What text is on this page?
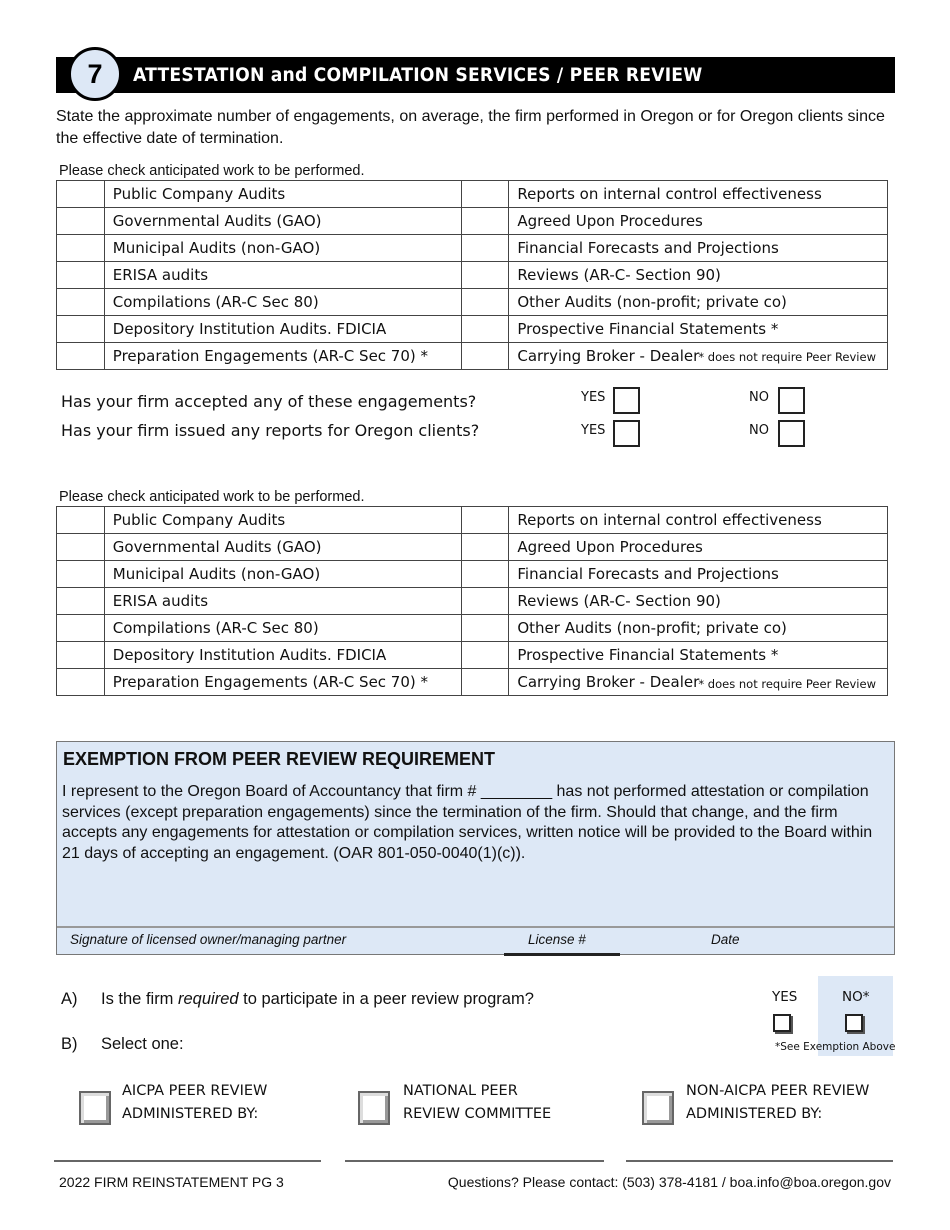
7	ATTESTATION and COMPILATION SERVICES / PEER REVIEW
State the approximate number of engagements, on average, the firm performed in Oregon or for Oregon clients since the effective date of termination.
Please check anticipated work to be performed.
	Public Company Audits		Reports on internal control effectiveness
	Governmental Audits (GAO)		Agreed Upon Procedures
	Municipal Audits (non-GAO)		Financial Forecasts and Projections
	ERISA audits		Reviews (AR-C- Section 90)
	Compilations (AR-C Sec 80)		Other Audits (non-profit; private co)
	Depository Institution Audits. FDICIA		Prospective Financial Statements *
	Preparation Engagements (AR-C Sec 70) *		Carrying Broker - Dealer * does not require Peer Review
Has your firm accepted any of these engagements?	YES	NO
Has your firm issued any reports for Oregon clients?	YES	NO
Please check anticipated work to be performed.
	Public Company Audits		Reports on internal control effectiveness
	Governmental Audits (GAO)		Agreed Upon Procedures
	Municipal Audits (non-GAO)		Financial Forecasts and Projections
	ERISA audits		Reviews (AR-C- Section 90)
	Compilations (AR-C Sec 80)		Other Audits (non-profit; private co)
	Depository Institution Audits. FDICIA		Prospective Financial Statements *
	Preparation Engagements (AR-C Sec 70) *		Carrying Broker - Dealer * does not require Peer Review
EXEMPTION FROM PEER REVIEW REQUIREMENT
I represent to the Oregon Board of Accountancy that firm # ________ has not performed attestation or compilation services (except preparation engagements) since the termination of the firm. Should that change, and the firm accepts any engagements for attestation or compilation services, written notice will be provided to the Board within 21 days of accepting an engagement. (OAR 801-050-0040(1)(c)).
Signature of licensed owner/managing partner	License #	Date
A) Is the firm required to participate in a peer review program?
B) Select one:
YES	NO*
*See Exemption Above
AICPA PEER REVIEW
ADMINISTERED BY:
NATIONAL PEER
REVIEW COMMITTEE
NON-AICPA PEER REVIEW
ADMINISTERED BY:
2022 FIRM REINSTATEMENT PG 3	Questions? Please contact: (503) 378-4181 / boa.info@boa.oregon.gov
